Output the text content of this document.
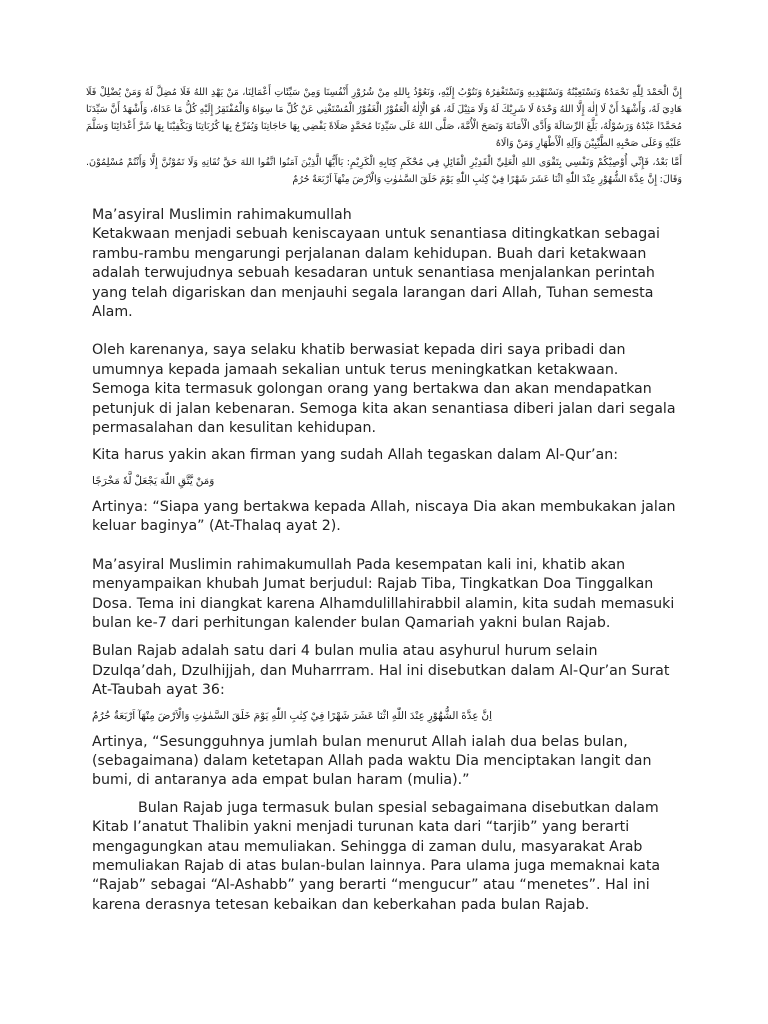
إِنَّ الْحَمْدَ لِلّٰهِ نَحْمَدُهُ وَنَسْتَعِيْنُهُ وَنَسْتَهْدِيهِ وَنَسْتَغْفِرُهُ وَنَتُوْبُ إِلَيْهِ، وَنَعُوْذُ بِاللهِ مِنْ شُرُوْرِ أَنْفُسِنَا وَمِنْ سَيِّئَاتِ أَعْمَالِنَا، مَنْ يَهْدِ اللهُ فَلَا مُضِلَّ لَهُ وَمَنْ يُضْلِلْ فَلَا هَادِيَ لَهُ، وَأَشْهَدُ أَنْ لَا إِلٰهَ إِلَّا اللهُ وَحْدَهُ لَا شَرِيْكَ لَهُ وَلَا مَثِيْلَ لَهُ، هُوَ الْإِلٰهُ الْعَفُوْرُ الْغَفُوْرُ الْمُسْتَغْنِي عَنْ كُلِّ مَا سِوَاهُ وَالْمُفْتَقِرُ إِلَيْهِ كُلُّ مَا عَدَاهُ، وَأَشْهَدُ أَنَّ سَيِّدَنَا مُحَمَّدًا عَبْدُهُ وَرَسُوْلُهُ، بَلَّغَ الرِّسَالَةَ وَأَدَّى الْأَمَانَةَ وَنَصَحَ الْأُمَّةَ، صَلَّى اللهُ عَلَى سَيِّدِنَا مُحَمَّدٍ صَلَاةً يَقْضِي بِهَا حَاجَاتِنَا وَيُفَرِّجُ بِهَا كُرُبَاتِنَا وَيَكْفِيْنَا بِهَا شَرَّ أَعْدَائِنَا وَسَلَّمَ عَلَيْهِ وَعَلَى صَحْبِهِ الطَّيِّبِيْنَ وَآلِهِ الْأَطْهَارِ وَمَنْ وَالَاهُ
أَمَّا بَعْدُ، فَإِنِّي أُوْصِيْكُمْ وَنَفْسِي بِتَقْوَى اللهِ الْعَلِيِّ الْقَدِيْرِ الْقَائِلِ فِي مُحْكَمِ كِتَابِهِ الْكَرِيْمِ: يَاأَيُّهَا الَّذِيْنَ آمَنُوا اتَّقُوا اللهَ حَقَّ تُقَاتِهِ وَلَا تَمُوْتُنَّ إِلَّا وَأَنْتُمْ مُسْلِمُوْنَ. وَقَالَ: إِنَّ عِدَّةَ الشُّهُوْرِ عِنْدَ اللّٰهِ اثْنَا عَشَرَ شَهْرًا فِيْ كِتٰبِ اللّٰهِ يَوْمَ خَلَقَ السَّمٰوٰتِ وَالْاَرْضَ مِنْهَآ اَرْبَعَةٌ حُرُمٌ

Ma’asyiral Muslimin rahimakumullah

Ketakwaan menjadi sebuah keniscayaan untuk senantiasa ditingkatkan sebagai rambu-rambu mengarungi perjalanan dalam kehidupan. Buah dari ketakwaan adalah terwujudnya sebuah kesadaran untuk senantiasa menjalankan perintah yang telah digariskan dan menjauhi segala larangan dari Allah, Tuhan semesta Alam.

Oleh karenanya, saya selaku khatib berwasiat kepada diri saya pribadi dan umumnya kepada jamaah sekalian untuk terus meningkatkan ketakwaan. Semoga kita termasuk golongan orang yang bertakwa dan akan mendapatkan petunjuk di jalan kebenaran. Semoga kita akan senantiasa diberi jalan dari segala permasalahan dan kesulitan kehidupan.

Kita harus yakin akan firman yang sudah Allah tegaskan dalam Al-Qur’an:

وَمَنْ يَّتَّقِ اللّٰهَ يَجْعَلْ لَّهٗ مَخْرَجًا

Artinya: “Siapa yang bertakwa kepada Allah, niscaya Dia akan membukakan jalan keluar baginya” (At-Thalaq ayat 2).

Ma’asyiral Muslimin rahimakumullah Pada kesempatan kali ini, khatib akan menyampaikan khubah Jumat berjudul: Rajab Tiba, Tingkatkan Doa Tinggalkan Dosa. Tema ini diangkat karena Alhamdulillahirabbil alamin, kita sudah memasuki bulan ke-7 dari perhitungan kalender bulan Qamariah yakni bulan Rajab.

Bulan Rajab adalah satu dari 4 bulan mulia atau asyhurul hurum selain Dzulqa’dah, Dzulhijjah, dan Muharrram. Hal ini disebutkan dalam Al-Qur’an Surat At-Taubah ayat 36:

اِنَّ عِدَّةَ الشُّهُوْرِ عِنْدَ اللّٰهِ اثْنَا عَشَرَ شَهْرًا فِيْ كِتٰبِ اللّٰهِ يَوْمَ خَلَقَ السَّمٰوٰتِ وَالْاَرْضَ مِنْهَآ اَرْبَعَةٌ حُرُمٌ

Artinya, “Sesungguhnya jumlah bulan menurut Allah ialah dua belas bulan, (sebagaimana) dalam ketetapan Allah pada waktu Dia menciptakan langit dan bumi, di antaranya ada empat bulan haram (mulia).”

Bulan Rajab juga termasuk bulan spesial sebagaimana disebutkan dalam Kitab I’anatut Thalibin yakni menjadi turunan kata dari “tarjib” yang berarti mengagungkan atau memuliakan. Sehingga di zaman dulu, masyarakat Arab memuliakan Rajab di atas bulan-bulan lainnya. Para ulama juga memaknai kata “Rajab” sebagai “Al-Ashabb” yang berarti “mengucur” atau “menetes”. Hal ini karena derasnya tetesan kebaikan dan keberkahan pada bulan Rajab.
